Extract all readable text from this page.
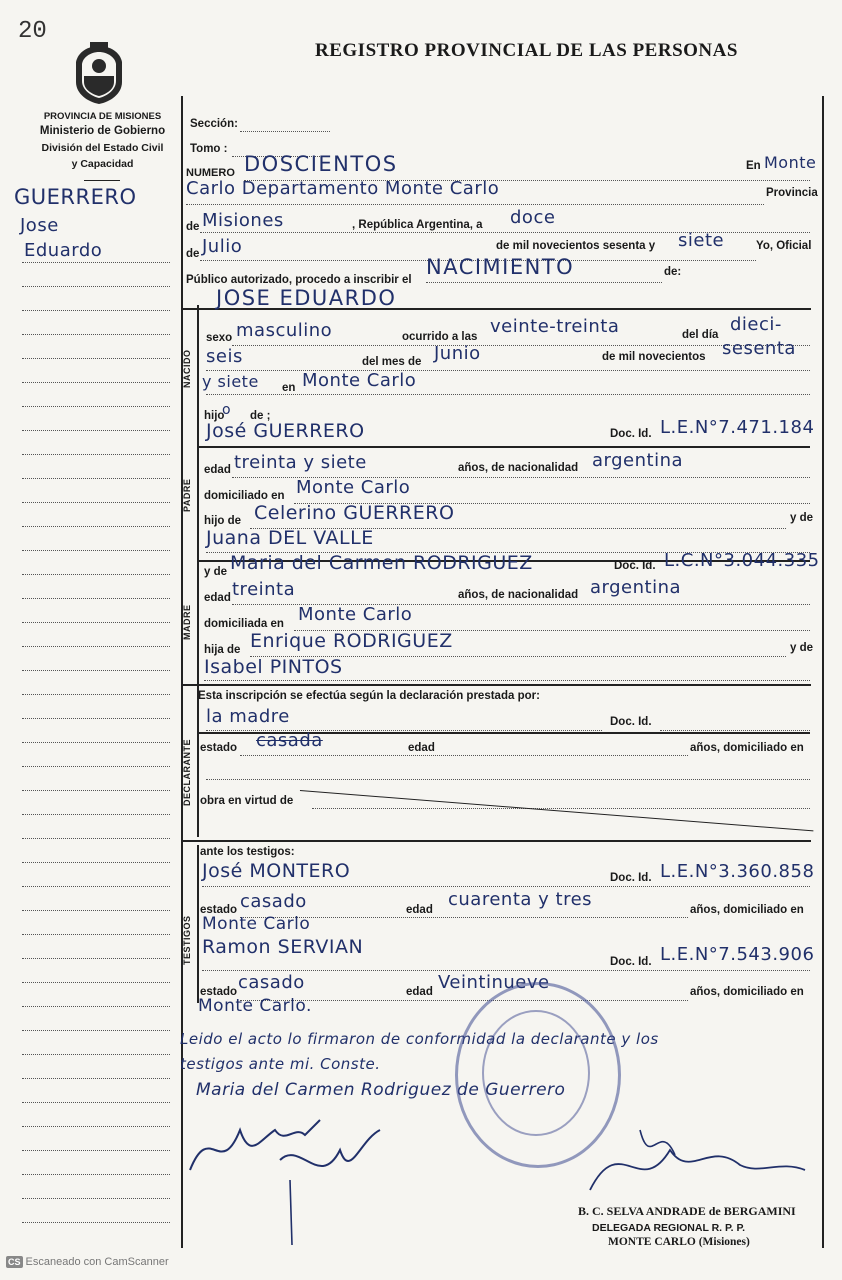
20
REGISTRO PROVINCIAL DE LAS PERSONAS
PROVINCIA DE MISIONES
Ministerio de Gobierno
División del Estado Civil
y Capacidad
GUERRERO
Jose
Eduardo
NACIDO
PADRE
MADRE
DECLARANTE
TESTIGOS
Sección:
Tomo :
NUMERO DOSCIENTOS	En Monte
Carlo Departamento Monte Carlo	Provincia
de Misiones	, República Argentina, a doce
de Julio	de mil novecientos sesenta y siete	Yo, Oficial
Público autorizado, procedo a inscribir el
NACIMIENTO	de:
JOSE EDUARDO
sexo masculino	ocurrido a las veinte-treinta	del día dieci-
seis	del mes de Junio	de mil novecientos sesenta
y siete en Monte Carlo
hijo
o de ;
José GUERRERO	Doc. Id. L.E.N°7.471.184
edad treinta y siete	años, de nacionalidad argentina
domiciliado en Monte Carlo
hijo de Celerino GUERRERO	y de
Juana DEL VALLE
y de Maria del Carmen RODRIGUEZ	Doc. Id. L.C.N°3.044.335
edad treinta	años, de nacionalidad argentina
domiciliada en Monte Carlo
hija de Enrique RODRIGUEZ	y de
Isabel PINTOS
Esta inscripción se efectúa según la declaración prestada por:
la madre	Doc. Id.
estado casada	edad	años, domiciliado en
obra en virtud de
ante los testigos:
José MONTERO	Doc. Id. L.E.N°3.360.858
estado casado	edad cuarenta y tres	años, domiciliado en
Monte Carlo
Ramon SERVIAN
Doc. Id. L.E.N°7.543.906
estado casado	edad Veintinueve	años, domiciliado en
Monte Carlo.
Leido el acto lo firmaron de conformidad la declarante y los
testigos ante mi. Conste.
Maria del Carmen Rodriguez de Guerrero
B. C. SELVA ANDRADE de BERGAMINI
DELEGADA REGIONAL R. P. P.
MONTE CARLO (Misiones)
CS Escaneado con CamScanner
